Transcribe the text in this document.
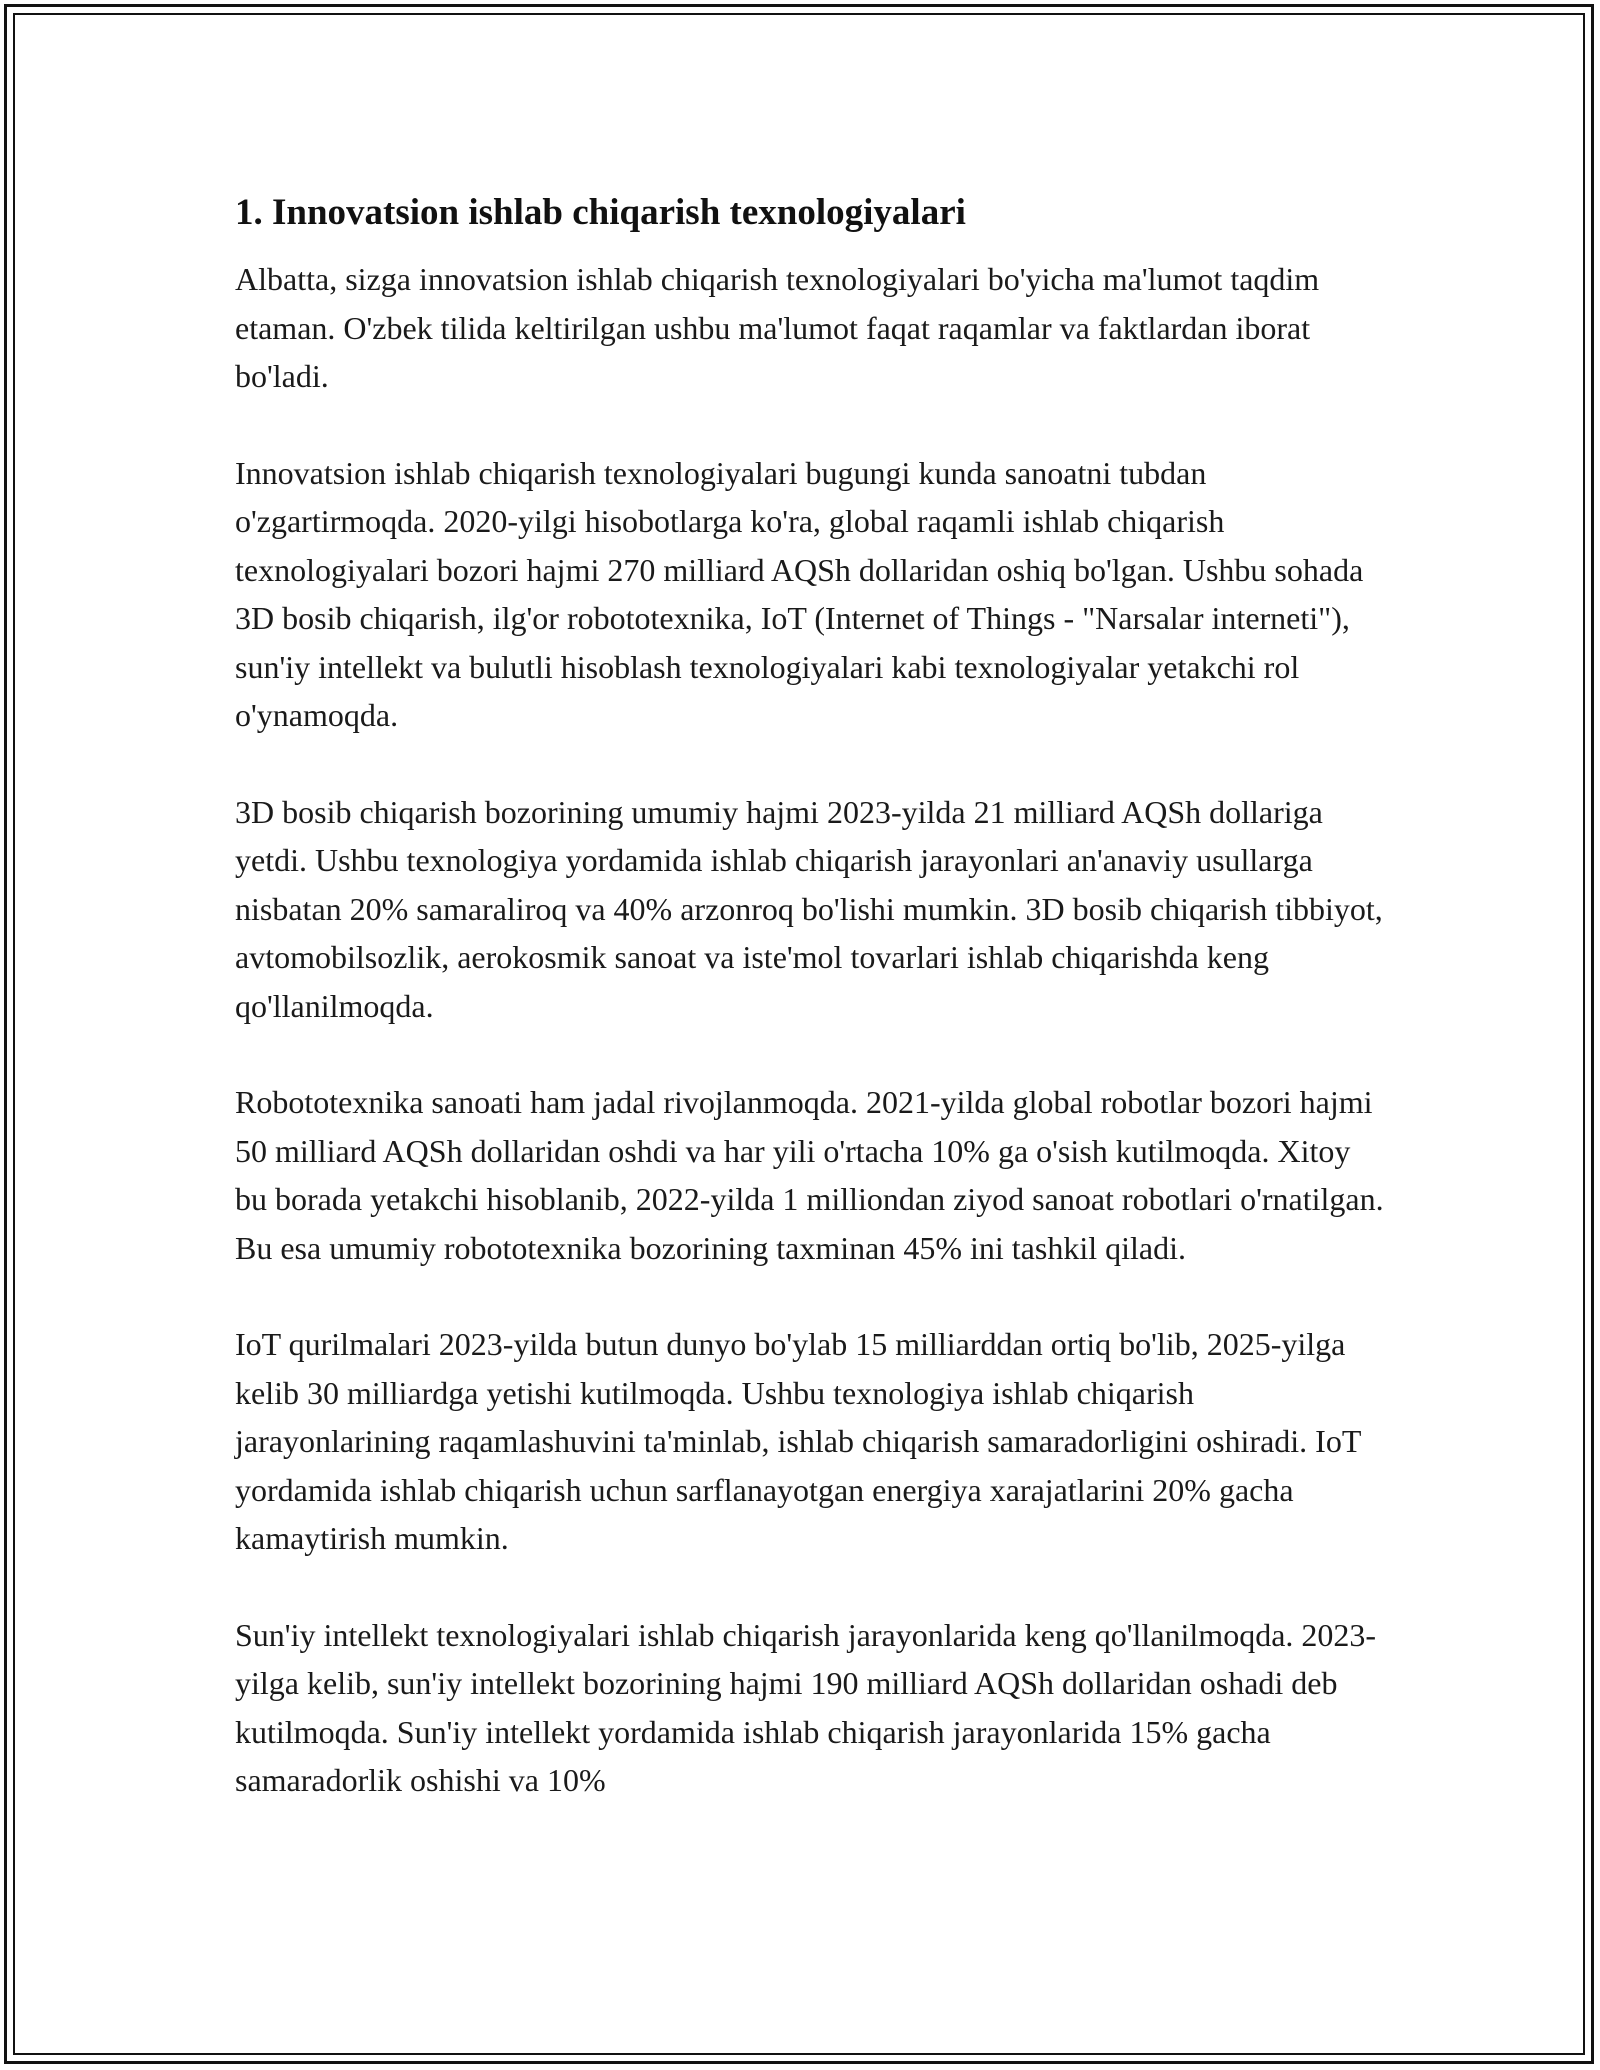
1. Innovatsion ishlab chiqarish texnologiyalari

Albatta, sizga innovatsion ishlab chiqarish texnologiyalari bo'yicha ma'lumot taqdim etaman. O'zbek tilida keltirilgan ushbu ma'lumot faqat raqamlar va faktlardan iborat bo'ladi.

Innovatsion ishlab chiqarish texnologiyalari bugungi kunda sanoatni tubdan o'zgartirmoqda. 2020-yilgi hisobotlarga ko'ra, global raqamli ishlab chiqarish texnologiyalari bozori hajmi 270 milliard AQSh dollaridan oshiq bo'lgan. Ushbu sohada 3D bosib chiqarish, ilg'or robototexnika, IoT (Internet of Things - "Narsalar interneti"), sun'iy intellekt va bulutli hisoblash texnologiyalari kabi texnologiyalar yetakchi rol o'ynamoqda.

3D bosib chiqarish bozorining umumiy hajmi 2023-yilda 21 milliard AQSh dollariga yetdi. Ushbu texnologiya yordamida ishlab chiqarish jarayonlari an'anaviy usullarga nisbatan 20% samaraliroq va 40% arzonroq bo'lishi mumkin. 3D bosib chiqarish tibbiyot, avtomobilsozlik, aerokosmik sanoat va iste'mol tovarlari ishlab chiqarishda keng qo'llanilmoqda.

Robototexnika sanoati ham jadal rivojlanmoqda. 2021-yilda global robotlar bozori hajmi 50 milliard AQSh dollaridan oshdi va har yili o'rtacha 10% ga o'sish kutilmoqda. Xitoy bu borada yetakchi hisoblanib, 2022-yilda 1 milliondan ziyod sanoat robotlari o'rnatilgan. Bu esa umumiy robototexnika bozorining taxminan 45% ini tashkil qiladi.

IoT qurilmalari 2023-yilda butun dunyo bo'ylab 15 milliarddan ortiq bo'lib, 2025-yilga kelib 30 milliardga yetishi kutilmoqda. Ushbu texnologiya ishlab chiqarish jarayonlarining raqamlashuvini ta'minlab, ishlab chiqarish samaradorligini oshiradi. IoT yordamida ishlab chiqarish uchun sarflanayotgan energiya xarajatlarini 20% gacha kamaytirish mumkin.

Sun'iy intellekt texnologiyalari ishlab chiqarish jarayonlarida keng qo'llanilmoqda. 2023-yilga kelib, sun'iy intellekt bozorining hajmi 190 milliard AQSh dollaridan oshadi deb kutilmoqda. Sun'iy intellekt yordamida ishlab chiqarish jarayonlarida 15% gacha samaradorlik oshishi va 10%
